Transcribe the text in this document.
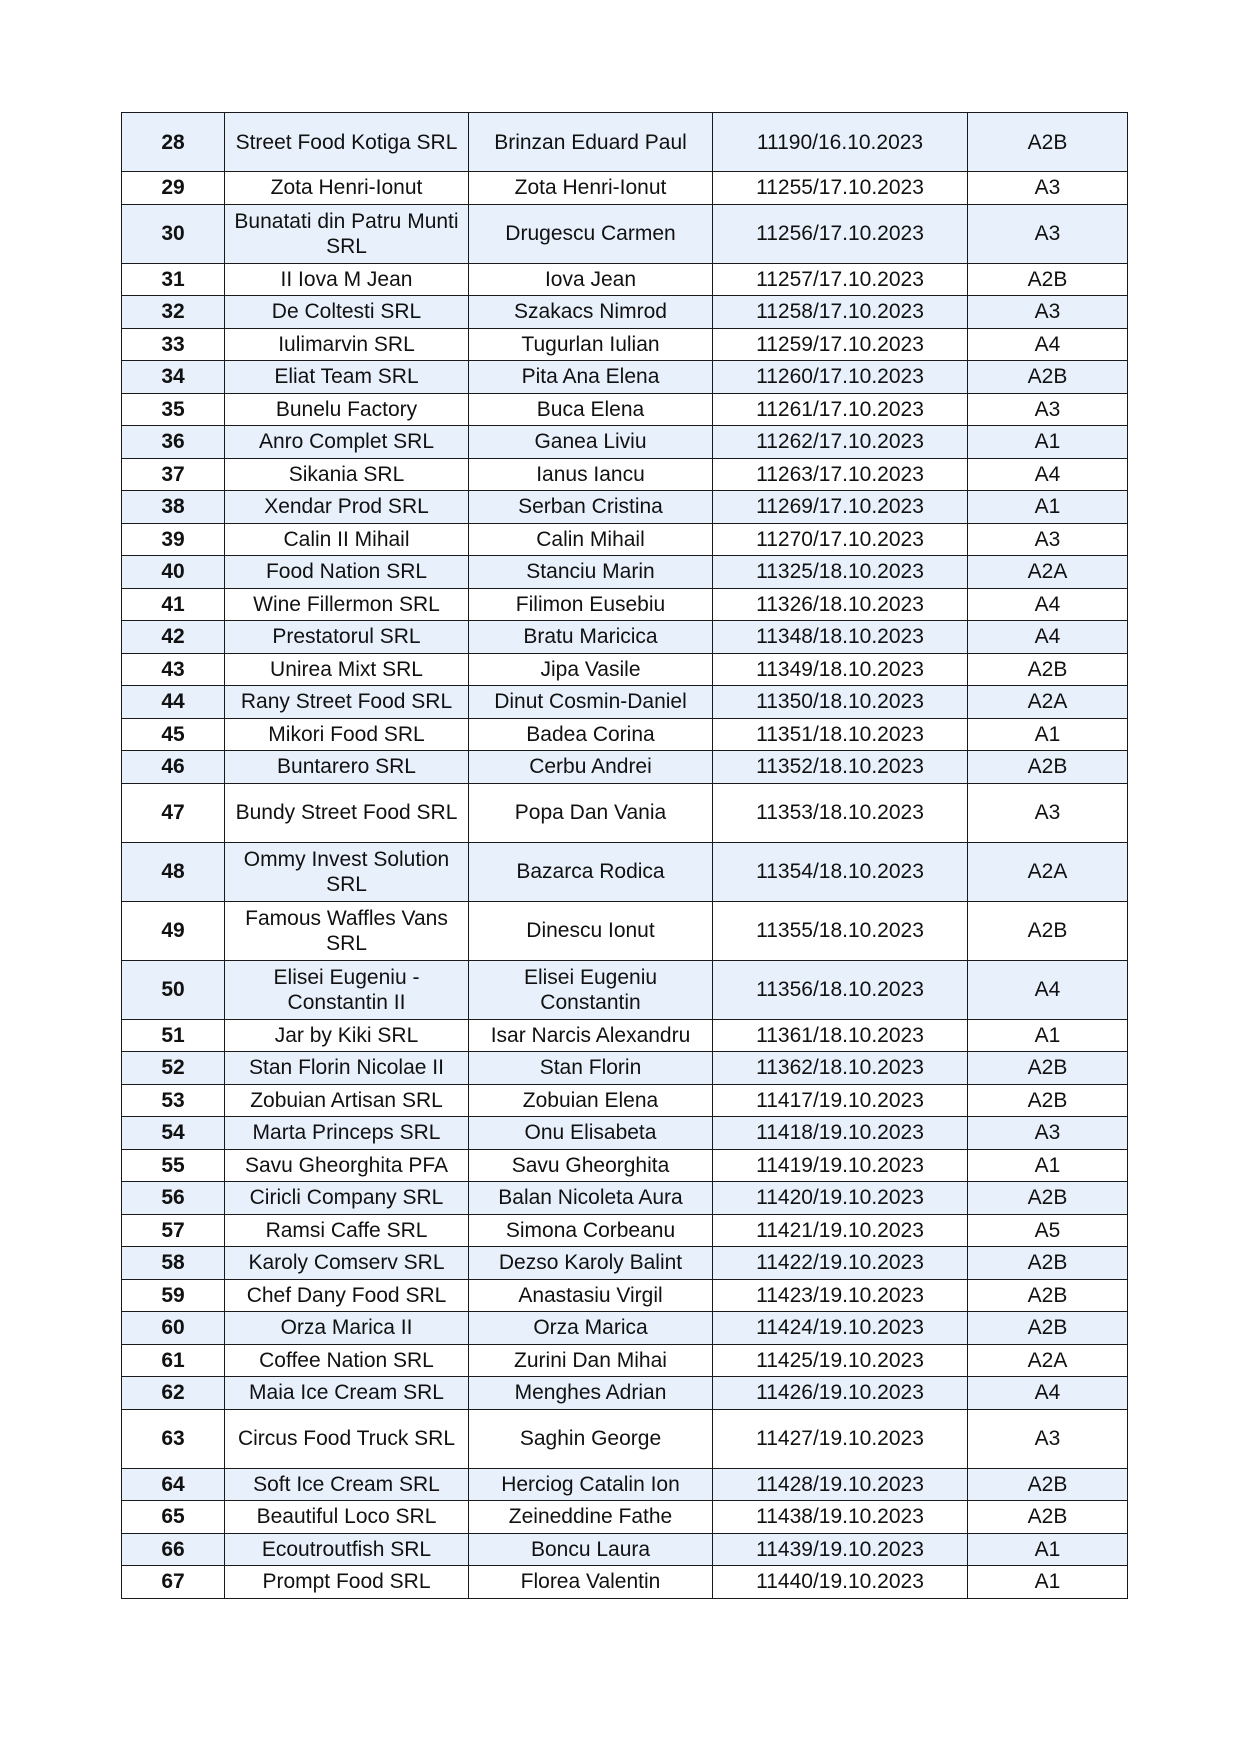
28	Street Food Kotiga SRL	Brinzan Eduard Paul	11190/16.10.2023	A2B
29	Zota Henri-Ionut	Zota Henri-Ionut	11255/17.10.2023	A3
30	Bunatati din Patru Munti SRL	Drugescu Carmen	11256/17.10.2023	A3
31	II Iova M Jean	Iova Jean	11257/17.10.2023	A2B
32	De Coltesti SRL	Szakacs Nimrod	11258/17.10.2023	A3
33	Iulimarvin SRL	Tugurlan Iulian	11259/17.10.2023	A4
34	Eliat Team SRL	Pita Ana Elena	11260/17.10.2023	A2B
35	Bunelu Factory	Buca Elena	11261/17.10.2023	A3
36	Anro Complet SRL	Ganea Liviu	11262/17.10.2023	A1
37	Sikania SRL	Ianus Iancu	11263/17.10.2023	A4
38	Xendar Prod SRL	Serban Cristina	11269/17.10.2023	A1
39	Calin II Mihail	Calin Mihail	11270/17.10.2023	A3
40	Food Nation SRL	Stanciu Marin	11325/18.10.2023	A2A
41	Wine Fillermon SRL	Filimon Eusebiu	11326/18.10.2023	A4
42	Prestatorul SRL	Bratu Maricica	11348/18.10.2023	A4
43	Unirea Mixt SRL	Jipa Vasile	11349/18.10.2023	A2B
44	Rany Street Food SRL	Dinut Cosmin-Daniel	11350/18.10.2023	A2A
45	Mikori Food SRL	Badea Corina	11351/18.10.2023	A1
46	Buntarero SRL	Cerbu Andrei	11352/18.10.2023	A2B
47	Bundy Street Food SRL	Popa Dan Vania	11353/18.10.2023	A3
48	Ommy Invest Solution SRL	Bazarca Rodica	11354/18.10.2023	A2A
49	Famous Waffles Vans SRL	Dinescu Ionut	11355/18.10.2023	A2B
50	Elisei Eugeniu - Constantin II	Elisei Eugeniu Constantin	11356/18.10.2023	A4
51	Jar by Kiki SRL	Isar Narcis Alexandru	11361/18.10.2023	A1
52	Stan Florin Nicolae II	Stan Florin	11362/18.10.2023	A2B
53	Zobuian Artisan SRL	Zobuian Elena	11417/19.10.2023	A2B
54	Marta Princeps SRL	Onu Elisabeta	11418/19.10.2023	A3
55	Savu Gheorghita PFA	Savu Gheorghita	11419/19.10.2023	A1
56	Ciricli Company SRL	Balan Nicoleta Aura	11420/19.10.2023	A2B
57	Ramsi Caffe SRL	Simona Corbeanu	11421/19.10.2023	A5
58	Karoly Comserv SRL	Dezso Karoly Balint	11422/19.10.2023	A2B
59	Chef Dany Food SRL	Anastasiu Virgil	11423/19.10.2023	A2B
60	Orza Marica II	Orza Marica	11424/19.10.2023	A2B
61	Coffee Nation SRL	Zurini Dan Mihai	11425/19.10.2023	A2A
62	Maia Ice Cream SRL	Menghes Adrian	11426/19.10.2023	A4
63	Circus Food Truck SRL	Saghin George	11427/19.10.2023	A3
64	Soft Ice Cream SRL	Herciog Catalin Ion	11428/19.10.2023	A2B
65	Beautiful Loco SRL	Zeineddine Fathe	11438/19.10.2023	A2B
66	Ecoutroutfish SRL	Boncu Laura	11439/19.10.2023	A1
67	Prompt Food SRL	Florea Valentin	11440/19.10.2023	A1
